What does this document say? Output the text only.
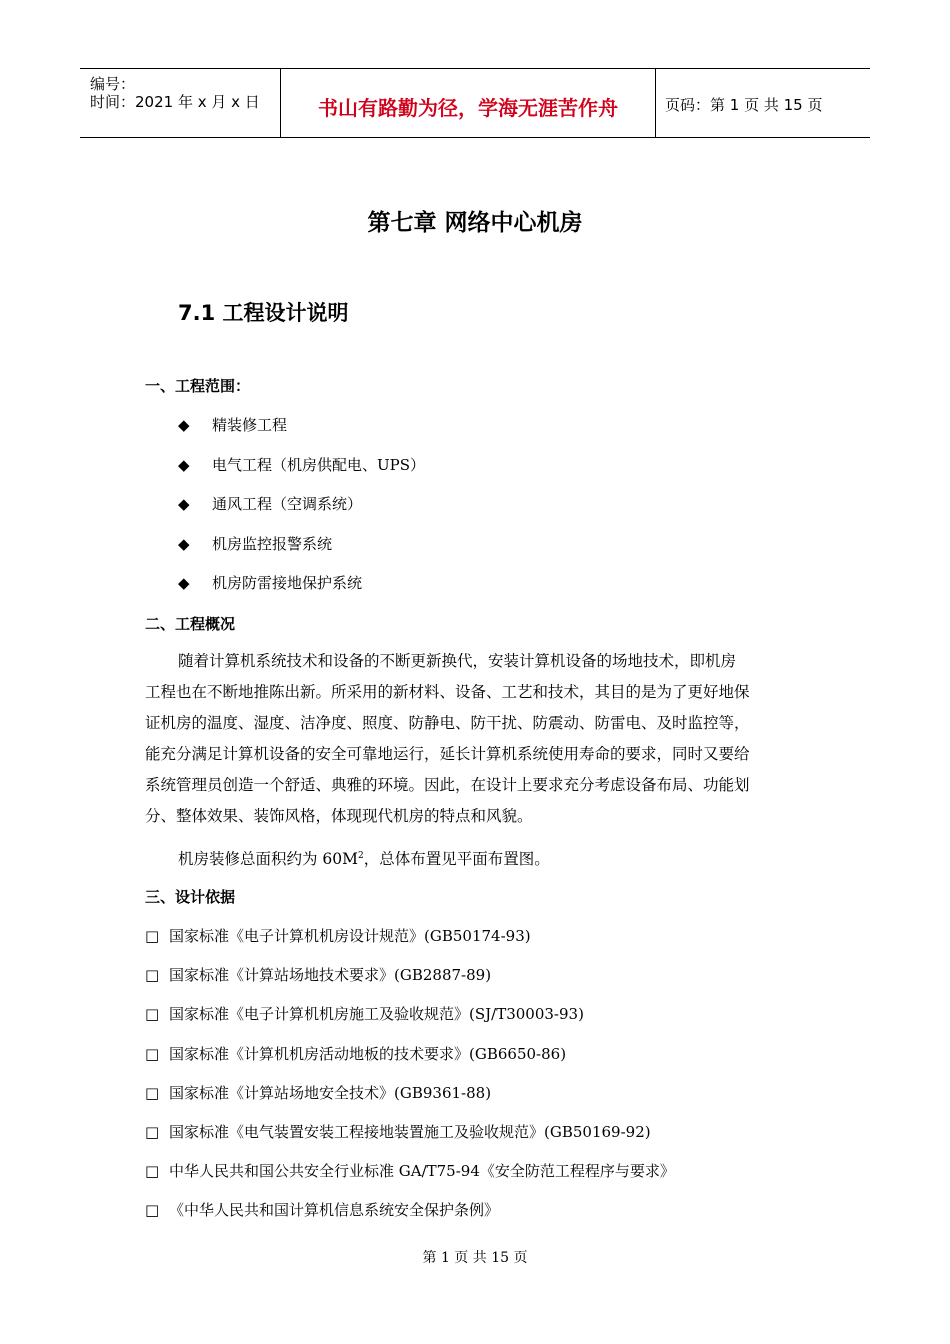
编号：
时间：2021 年 x 月 x 日	书山有路勤为径，学海无涯苦作舟	页码：第 1 页 共 15 页
第七章 网络中心机房
7.1 工程设计说明
一、工程范围：
◆ 精装修工程
◆ 电气工程（机房供配电、UPS）
◆ 通风工程（空调系统）
◆ 机房监控报警系统
◆ 机房防雷接地保护系统
二、工程概况
随着计算机系统技术和设备的不断更新换代，安装计算机设备的场地技术，即机房
工程也在不断地推陈出新。所采用的新材料、设备、工艺和技术，其目的是为了更好地保
证机房的温度、湿度、洁净度、照度、防静电、防干扰、防震动、防雷电、及时监控等，
能充分满足计算机设备的安全可靠地运行，延长计算机系统使用寿命的要求，同时又要给
系统管理员创造一个舒适、典雅的环境。因此，在设计上要求充分考虑设备布局、功能划
分、整体效果、装饰风格，体现现代机房的特点和风貌。
机房装修总面积约为 $60M^2$，总体布置见平面布置图。
三、设计依据
□ 国家标准《电子计算机机房设计规范》(GB50174-93)
□ 国家标准《计算站场地技术要求》(GB2887-89)
□ 国家标准《电子计算机机房施工及验收规范》(SJ/T30003-93)
□ 国家标准《计算机机房活动地板的技术要求》(GB6650-86)
□ 国家标准《计算站场地安全技术》(GB9361-88)
□ 国家标准《电气装置安装工程接地装置施工及验收规范》(GB50169-92)
□ 中华人民共和国公共安全行业标准 GA/T75-94《安全防范工程程序与要求》
□ 《中华人民共和国计算机信息系统安全保护条例》
第 1 页 共 15 页
